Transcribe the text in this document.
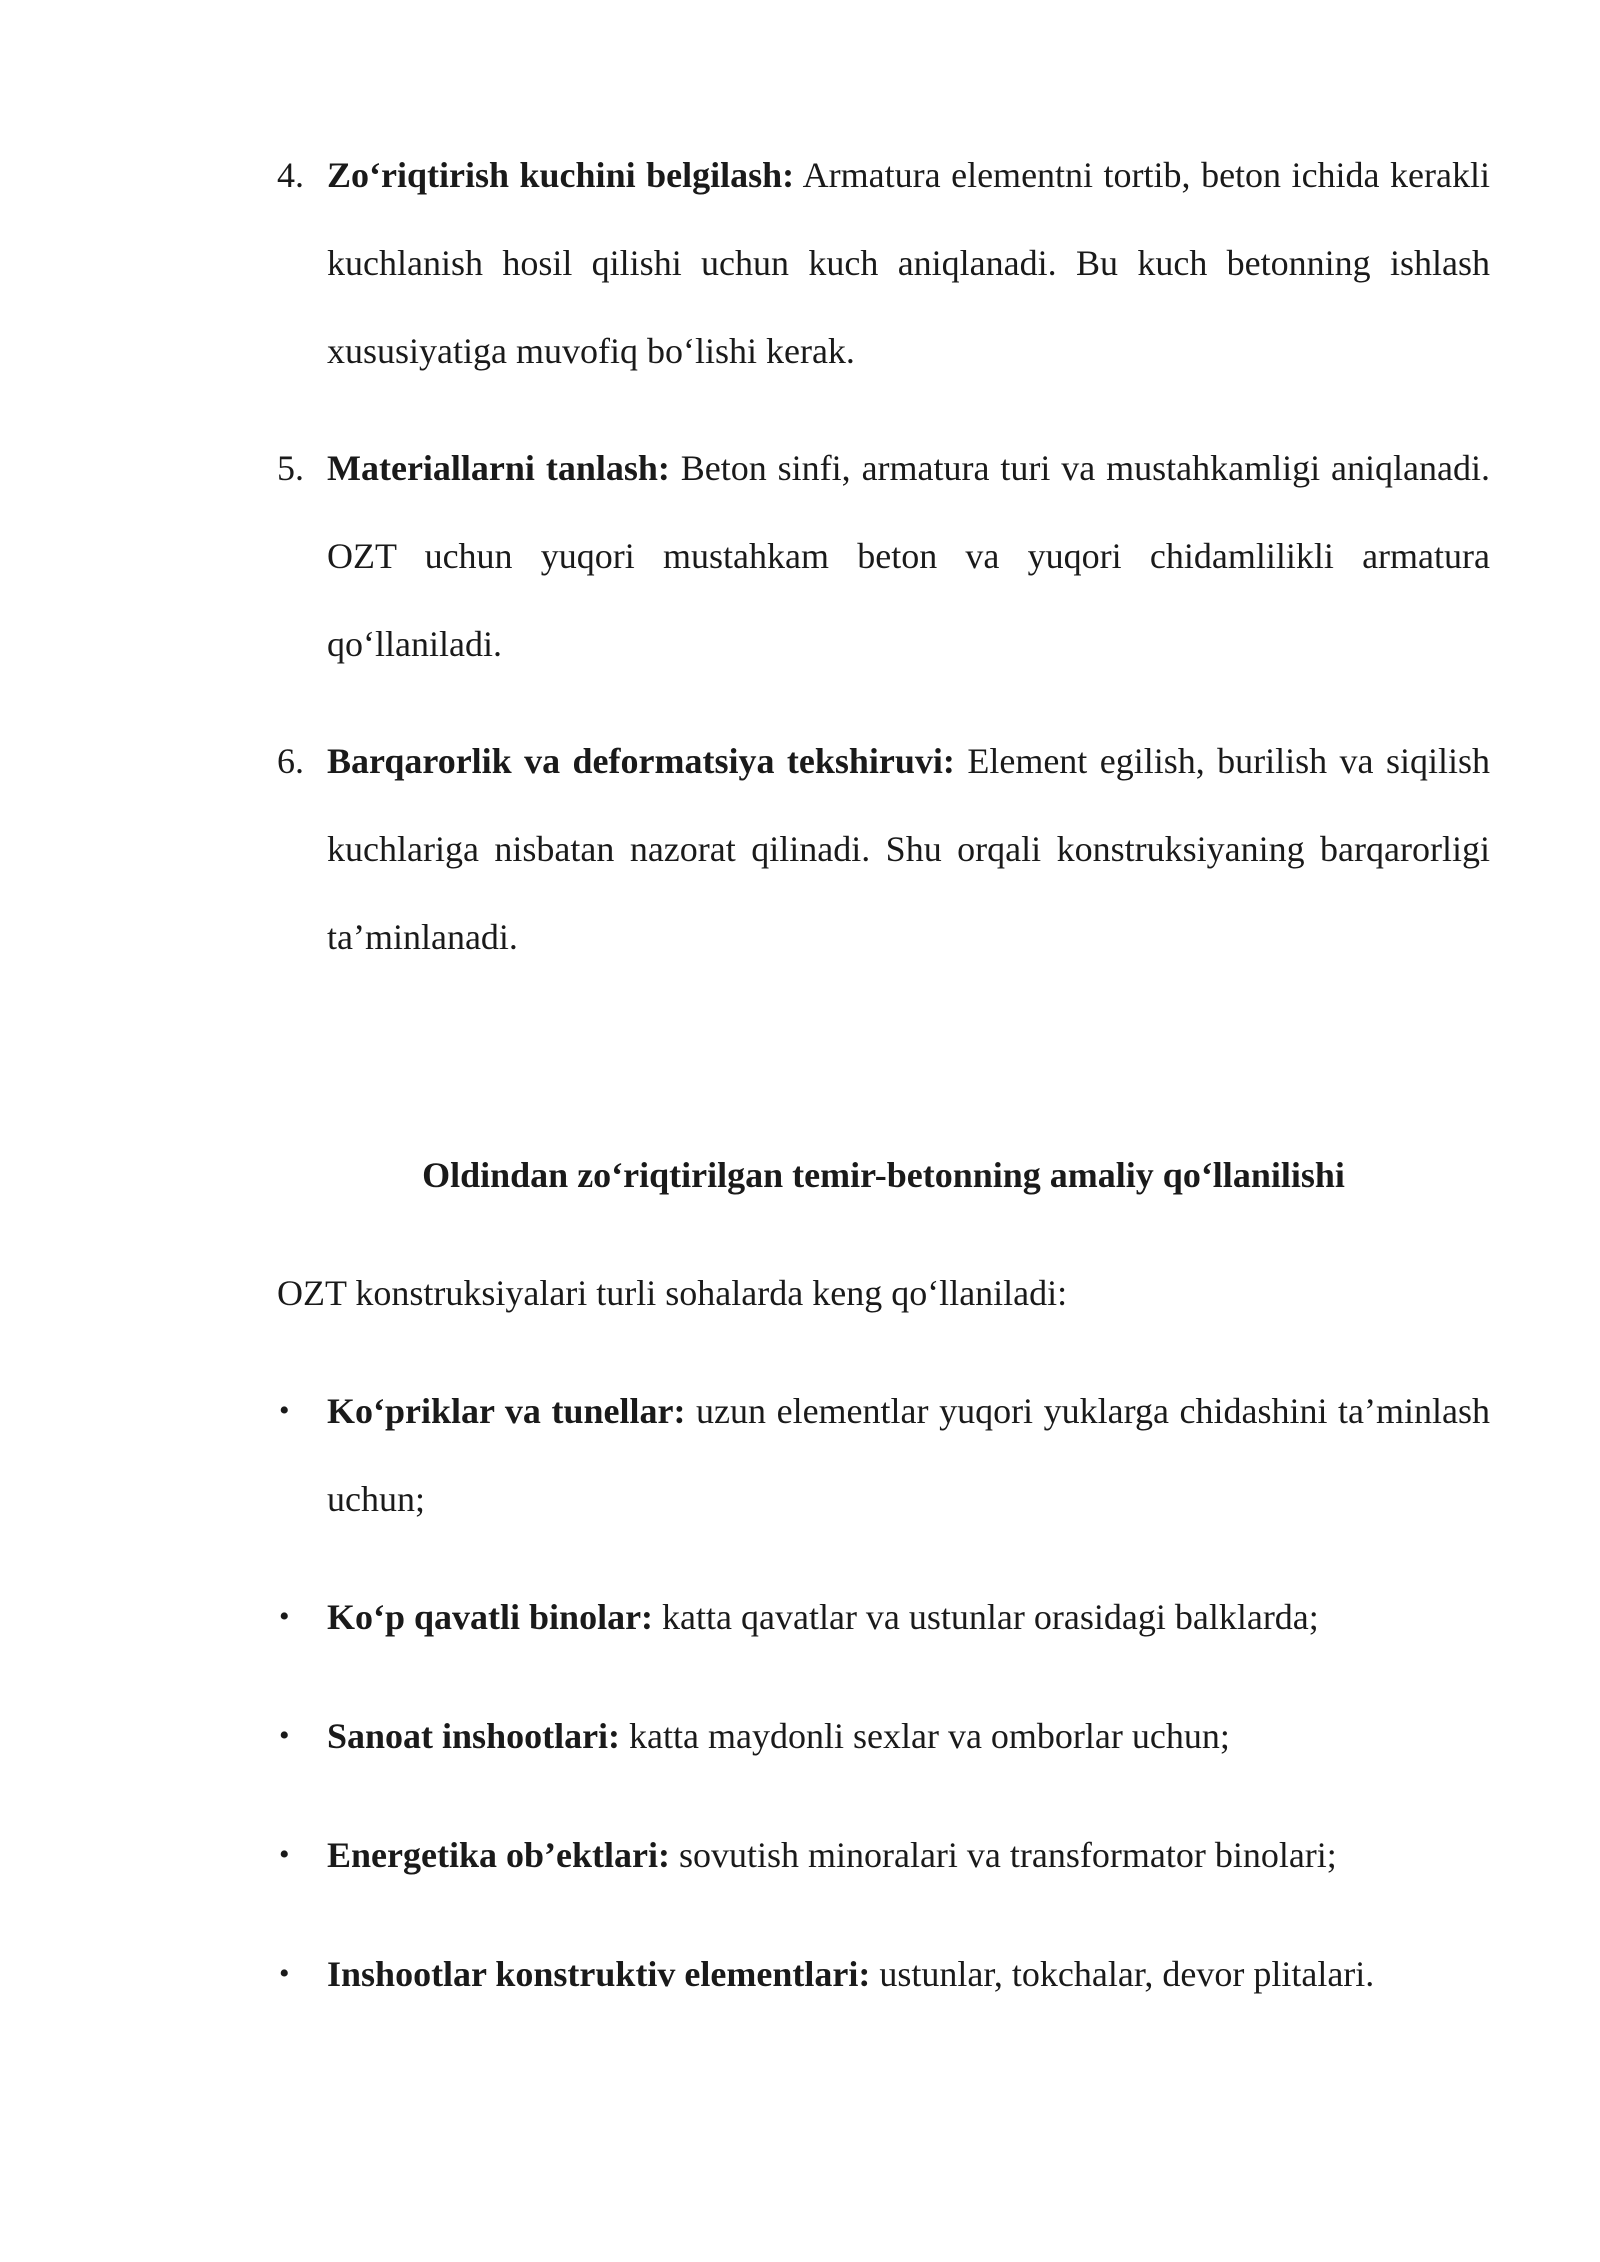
4. Zo‘riqtirish kuchini belgilash: Armatura elementni tortib, beton ichida kerakli kuchlanish hosil qilishi uchun kuch aniqlanadi. Bu kuch betonning ishlash xususiyatiga muvofiq bo‘lishi kerak.
5. Materiallarni tanlash: Beton sinfi, armatura turi va mustahkamligi aniqlanadi. OZT uchun yuqori mustahkam beton va yuqori chidamlilikli armatura qo‘llaniladi.
6. Barqarorlik va deformatsiya tekshiruvi: Element egilish, burilish va siqilish kuchlariga nisbatan nazorat qilinadi. Shu orqali konstruksiyaning barqarorligi ta’minlanadi.
Oldindan zo‘riqtirilgan temir-betonning amaliy qo‘llanilishi
OZT konstruksiyalari turli sohalarda keng qo‘llaniladi:
• Ko‘priklar va tunellar: uzun elementlar yuqori yuklarga chidashini ta’minlash uchun;
• Ko‘p qavatli binolar: katta qavatlar va ustunlar orasidagi balklarda;
• Sanoat inshootlari: katta maydonli sexlar va omborlar uchun;
• Energetika ob’ektlari: sovutish minoralari va transformator binolari;
• Inshootlar konstruktiv elementlari: ustunlar, tokchalar, devor plitalari.
